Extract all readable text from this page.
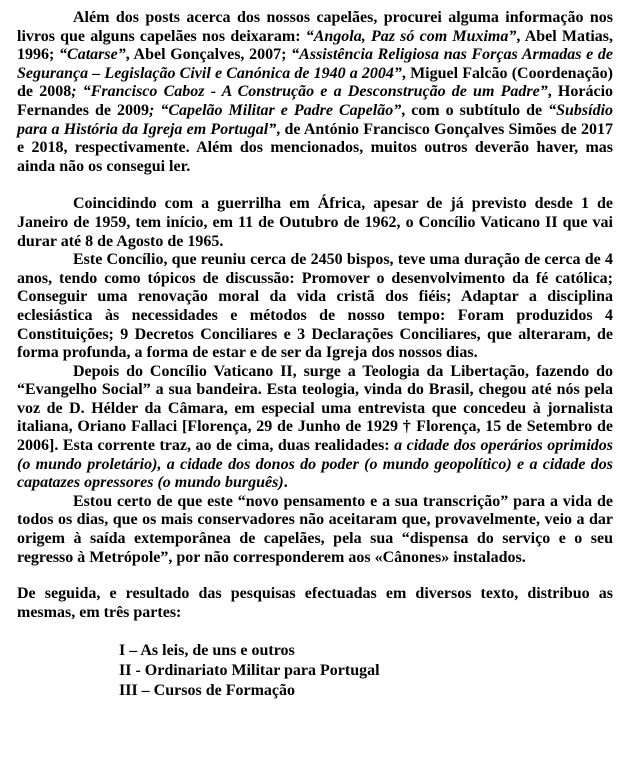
Além dos posts acerca dos nossos capelães, procurei alguma informação nos livros que alguns capelães nos deixaram: “Angola, Paz só com Muxima”, Abel Matias, 1996; “Catarse”, Abel Gonçalves, 2007; “Assistência Religiosa nas Forças Armadas e de Segurança – Legislação Civil e Canónica de 1940 a 2004”, Miguel Falcão (Coordenação) de 2008; “Francisco Caboz - A Construção e a Desconstrução de um Padre”, Horácio Fernandes de 2009; “Capelão Militar e Padre Capelão”, com o subtítulo de “Subsídio para a História da Igreja em Portugal”, de António Francisco Gonçalves Simões de 2017 e 2018, respectivamente. Além dos mencionados, muitos outros deverão haver, mas ainda não os consegui ler.

Coincidindo com a guerrilha em África, apesar de já previsto desde 1 de Janeiro de 1959, tem início, em 11 de Outubro de 1962, o Concílio Vaticano II que vai durar até 8 de Agosto de 1965.

Este Concílio, que reuniu cerca de 2450 bispos, teve uma duração de cerca de 4 anos, tendo como tópicos de discussão: Promover o desenvolvimento da fé católica; Conseguir uma renovação moral da vida cristã dos fiéis; Adaptar a disciplina eclesiástica às necessidades e métodos de nosso tempo: Foram produzidos 4 Constituições; 9 Decretos Conciliares e 3 Declarações Conciliares, que alteraram, de forma profunda, a forma de estar e de ser da Igreja dos nossos dias.

Depois do Concílio Vaticano II, surge a Teologia da Libertação, fazendo do “Evangelho Social” a sua bandeira. Esta teologia, vinda do Brasil, chegou até nós pela voz de D. Hélder da Câmara, em especial uma entrevista que concedeu à jornalista italiana, Oriano Fallaci [Florença, 29 de Junho de 1929 † Florença, 15 de Setembro de 2006]. Esta corrente traz, ao de cima, duas realidades: a cidade dos operários oprimidos (o mundo proletário), a cidade dos donos do poder (o mundo geopolítico) e a cidade dos capatazes opressores (o mundo burguês).

Estou certo de que este “novo pensamento e a sua transcrição” para a vida de todos os dias, que os mais conservadores não aceitaram que, provavelmente, veio a dar origem à saída extemporânea de capelães, pela sua “dispensa do serviço e o seu regresso à Metrópole”, por não corresponderem aos «Cânones» instalados.

De seguida, e resultado das pesquisas efectuadas em diversos texto, distribuo as mesmas, em três partes:

I – As leis, de uns e outros
II - Ordinariato Militar para Portugal
III – Cursos de Formação
